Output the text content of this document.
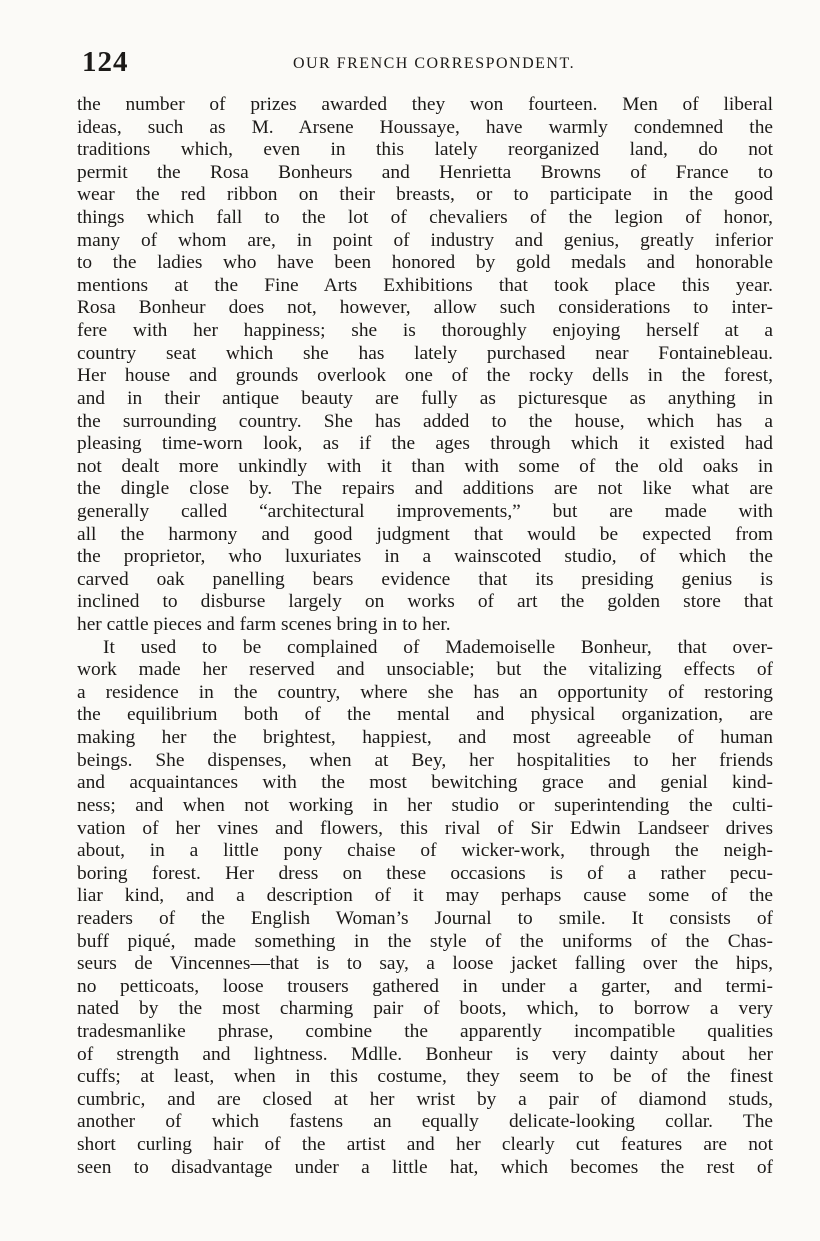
124	OUR FRENCH CORRESPONDENT.
the number of prizes awarded they won fourteen. Men of liberal
ideas, such as M. Arsene Houssaye, have warmly condemned the
traditions which, even in this lately reorganized land, do not
permit the Rosa Bonheurs and Henrietta Browns of France to
wear the red ribbon on their breasts, or to participate in the good
things which fall to the lot of chevaliers of the legion of honor,
many of whom are, in point of industry and genius, greatly inferior
to the ladies who have been honored by gold medals and honorable
mentions at the Fine Arts Exhibitions that took place this year.
Rosa Bonheur does not, however, allow such considerations to inter-
fere with her happiness; she is thoroughly enjoying herself at a
country seat which she has lately purchased near Fontainebleau.
Her house and grounds overlook one of the rocky dells in the forest,
and in their antique beauty are fully as picturesque as anything in
the surrounding country. She has added to the house, which has a
pleasing time-worn look, as if the ages through which it existed had
not dealt more unkindly with it than with some of the old oaks in
the dingle close by. The repairs and additions are not like what are
generally called “architectural improvements,” but are made with
all the harmony and good judgment that would be expected from
the proprietor, who luxuriates in a wainscoted studio, of which the
carved oak panelling bears evidence that its presiding genius is
inclined to disburse largely on works of art the golden store that
her cattle pieces and farm scenes bring in to her.
It used to be complained of Mademoiselle Bonheur, that over-
work made her reserved and unsociable; but the vitalizing effects of
a residence in the country, where she has an opportunity of restoring
the equilibrium both of the mental and physical organization, are
making her the brightest, happiest, and most agreeable of human
beings. She dispenses, when at Bey, her hospitalities to her friends
and acquaintances with the most bewitching grace and genial kind-
ness; and when not working in her studio or superintending the culti-
vation of her vines and flowers, this rival of Sir Edwin Landseer drives
about, in a little pony chaise of wicker-work, through the neigh-
boring forest. Her dress on these occasions is of a rather pecu-
liar kind, and a description of it may perhaps cause some of the
readers of the English Woman’s Journal to smile. It consists of
buff piqué, made something in the style of the uniforms of the Chas-
seurs de Vincennes—that is to say, a loose jacket falling over the hips,
no petticoats, loose trousers gathered in under a garter, and termi-
nated by the most charming pair of boots, which, to borrow a very
tradesmanlike phrase, combine the apparently incompatible qualities
of strength and lightness. Mdlle. Bonheur is very dainty about her
cuffs; at least, when in this costume, they seem to be of the finest
cumbric, and are closed at her wrist by a pair of diamond studs,
another of which fastens an equally delicate-looking collar. The
short curling hair of the artist and her clearly cut features are not
seen to disadvantage under a little hat, which becomes the rest of
